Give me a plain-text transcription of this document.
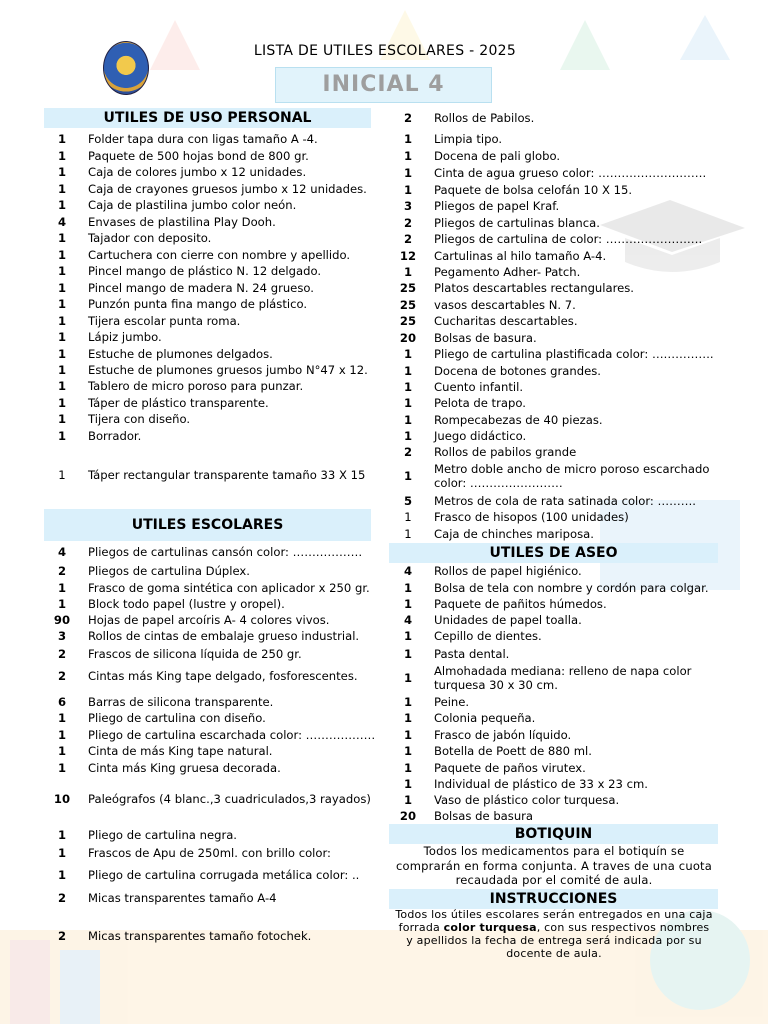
LISTA DE UTILES ESCOLARES - 2025
INICIAL 4
UTILES DE USO PERSONAL
1	Folder tapa dura con ligas tamaño A -4.
1	Paquete de 500 hojas bond de 800 gr.
1	Caja de colores jumbo x 12 unidades.
1	Caja de crayones gruesos jumbo x 12 unidades.
1	Caja de plastilina jumbo color neón.
4	Envases de plastilina Play Dooh.
1	Tajador con deposito.
1	Cartuchera con cierre con nombre y apellido.
1	Pincel mango de plástico N. 12 delgado.
1	Pincel mango de madera N. 24 grueso.
1	Punzón punta fina mango de plástico.
1	Tijera escolar punta roma.
1	Lápiz jumbo.
1	Estuche de plumones delgados.
1	Estuche de plumones gruesos jumbo N°47 x 12.
1	Tablero de micro poroso para punzar.
1	Táper de plástico transparente.
1	Tijera con diseño.
1	Borrador.
1	Táper rectangular transparente tamaño 33 X 15
UTILES ESCOLARES
4	Pliegos de cartulinas cansón color: ………………
2	Pliegos de cartulina Dúplex.
1	Frasco de goma sintética con aplicador x 250 gr.
1	Block todo papel (lustre y oropel).
90	Hojas de papel arcoíris A- 4 colores vivos.
3	Rollos de cintas de embalaje grueso industrial.
2	Frascos de silicona líquida de 250 gr.
2	Cintas más King tape delgado, fosforescentes.
6	Barras de silicona transparente.
1	Pliego de cartulina con diseño.
1	Pliego de cartulina escarchada color: ………………
1	Cinta de más King tape natural.
1	Cinta más King gruesa decorada.
10	Paleógrafos (4 blanc.,3 cuadriculados,3 rayados)
1	Pliego de cartulina negra.
1	Frascos de Apu de 250ml. con brillo color:
1	Pliego de cartulina corrugada metálica color: ..
2	Micas transparentes tamaño A-4
2	Micas transparentes tamaño fotochek.
2	Rollos de Pabilos.
1	Limpia tipo.
1	Docena de pali globo.
1	Cinta de agua grueso color: ……………………….
1	Paquete de bolsa celofán 10 X 15.
3	Pliegos de papel Kraf.
2	Pliegos de cartulinas blanca.
2	Pliegos de cartulina de color: …………………….
12	Cartulinas al hilo tamaño A-4.
1	Pegamento Adher- Patch.
25	Platos descartables rectangulares.
25	vasos descartables N. 7.
25	Cucharitas descartables.
20	Bolsas de basura.
1	Pliego de cartulina plastificada color: …………….
1	Docena de botones grandes.
1	Cuento infantil.
1	Pelota de trapo.
1	Rompecabezas de 40 piezas.
1	Juego didáctico.
2	Rollos de pabilos grande
1	Metro doble ancho de micro poroso escarchado color: ……………………
5	Metros de cola de rata satinada color: ……….
1	Frasco de hisopos (100 unidades)
1	Caja de chinches mariposa.
UTILES DE ASEO
4	Rollos de papel higiénico.
1	Bolsa de tela con nombre y cordón para colgar.
1	Paquete de pañitos húmedos.
4	Unidades de papel toalla.
1	Cepillo de dientes.
1	Pasta dental.
1	Almohadada mediana: relleno de napa color turquesa 30 x 30 cm.
1	Peine.
1	Colonia pequeña.
1	Frasco de jabón líquido.
1	Botella de Poett de 880 ml.
1	Paquete de paños virutex.
1	Individual de plástico de 33 x 23 cm.
1	Vaso de plástico color turquesa.
20	Bolsas de basura
BOTIQUIN
Todos los medicamentos para el botiquín se comprarán en forma conjunta. A traves de una cuota recaudada por el comité de aula.
INSTRUCCIONES
Todos los útiles escolares serán entregados en una caja forrada color turquesa, con sus respectivos nombres y apellidos la fecha de entrega será indicada por su docente de aula.
